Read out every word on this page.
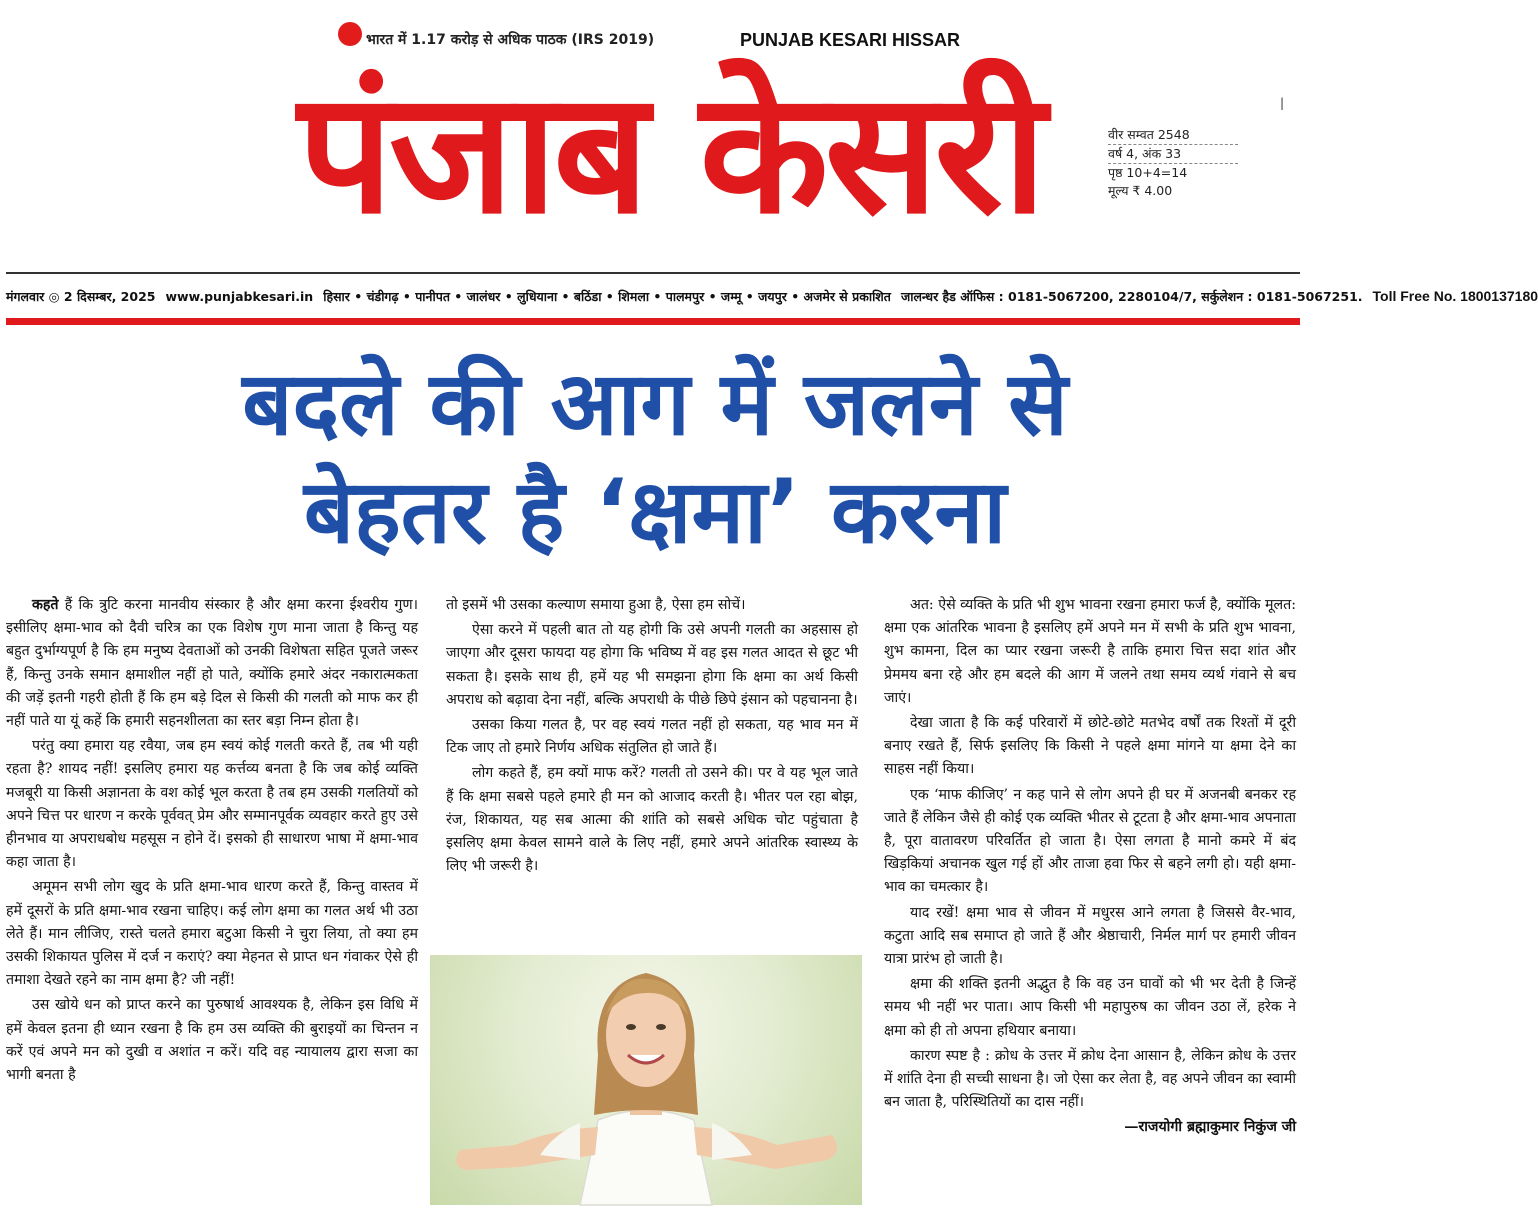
भारत में 1.17 करोड़ से अधिक पाठक (IRS 2019)	PUNJAB KESARI HISSAR
पंजाब केसरी	|
वीर सम्वत 2548
वर्ष 4, अंक 33
पृष्ठ 10+4=14
मूल्य ₹ 4.00
मंगलवार ◎ 2 दिसम्बर, 2025 www.punjabkesari.in हिसार • चंडीगढ़ • पानीपत • जालंधर • लुधियाना • बठिंडा • शिमला • पालमपुर • जम्मू • जयपुर • अजमेर से प्रकाशित जालन्धर हैड ऑफिस : 0181-5067200, 2280104/7, सर्कुलेशन : 0181-5067251. Toll Free No. 1800137180
बदले की आग में जलने से
बेहतर है ‘क्षमा’ करना

कहते हैं कि त्रुटि करना मानवीय संस्कार है और क्षमा करना ईश्वरीय गुण। इसीलिए क्षमा-भाव को दैवी चरित्र का एक विशेष गुण माना जाता है किन्तु यह बहुत दुर्भाग्यपूर्ण है कि हम मनुष्य देवताओं को उनकी विशेषता सहित पूजते जरूर हैं, किन्तु उनके समान क्षमाशील नहीं हो पाते, क्योंकि हमारे अंदर नकारात्मकता की जड़ें इतनी गहरी होती हैं कि हम बड़े दिल से किसी की गलती को माफ कर ही नहीं पाते या यूं कहें कि हमारी सहनशीलता का स्तर बड़ा निम्न होता है।

परंतु क्या हमारा यह रवैया, जब हम स्वयं कोई गलती करते हैं, तब भी यही रहता है? शायद नहीं! इसलिए हमारा यह कर्त्तव्य बनता है कि जब कोई व्यक्ति मजबूरी या किसी अज्ञानता के वश कोई भूल करता है तब हम उसकी गलतियों को अपने चित्त पर धारण न करके पूर्ववत् प्रेम और सम्मानपूर्वक व्यवहार करते हुए उसे हीनभाव या अपराधबोध महसूस न होने दें। इसको ही साधारण भाषा में क्षमा-भाव कहा जाता है।

अमूमन सभी लोग खुद के प्रति क्षमा-भाव धारण करते हैं, किन्तु वास्तव में हमें दूसरों के प्रति क्षमा-भाव रखना चाहिए। कई लोग क्षमा का गलत अर्थ भी उठा लेते हैं। मान लीजिए, रास्ते चलते हमारा बटुआ किसी ने चुरा लिया, तो क्या हम उसकी शिकायत पुलिस में दर्ज न कराएं? क्या मेहनत से प्राप्त धन गंवाकर ऐसे ही तमाशा देखते रहने का नाम क्षमा है? जी नहीं!

उस खोये धन को प्राप्त करने का पुरुषार्थ आवश्यक है, लेकिन इस विधि में हमें केवल इतना ही ध्यान रखना है कि हम उस व्यक्ति की बुराइयों का चिन्तन न करें एवं अपने मन को दुखी व अशांत न करें। यदि वह न्यायालय द्वारा सजा का भागी बनता है

तो इसमें भी उसका कल्याण समाया हुआ है, ऐसा हम सोचें।

ऐसा करने में पहली बात तो यह होगी कि उसे अपनी गलती का अहसास हो जाएगा और दूसरा फायदा यह होगा कि भविष्य में वह इस गलत आदत से छूट भी सकता है। इसके साथ ही, हमें यह भी समझना होगा कि क्षमा का अर्थ किसी अपराध को बढ़ावा देना नहीं, बल्कि अपराधी के पीछे छिपे इंसान को पहचानना है।

उसका किया गलत है, पर वह स्वयं गलत नहीं हो सकता, यह भाव मन में टिक जाए तो हमारे निर्णय अधिक संतुलित हो जाते हैं।

लोग कहते हैं, हम क्यों माफ करें? गलती तो उसने की। पर वे यह भूल जाते हैं कि क्षमा सबसे पहले हमारे ही मन को आजाद करती है। भीतर पल रहा बोझ, रंज, शिकायत, यह सब आत्मा की शांति को सबसे अधिक चोट पहुंचाता है इसलिए क्षमा केवल सामने वाले के लिए नहीं, हमारे अपने आंतरिक स्वास्थ्य के लिए भी जरूरी है।

अत: ऐसे व्यक्ति के प्रति भी शुभ भावना रखना हमारा फर्ज है, क्योंकि मूलत: क्षमा एक आंतरिक भावना है इसलिए हमें अपने मन में सभी के प्रति शुभ भावना, शुभ कामना, दिल का प्यार रखना जरूरी है ताकि हमारा चित्त सदा शांत और प्रेममय बना रहे और हम बदले की आग में जलने तथा समय व्यर्थ गंवाने से बच जाएं।

देखा जाता है कि कई परिवारों में छोटे-छोटे मतभेद वर्षों तक रिश्तों में दूरी बनाए रखते हैं, सिर्फ इसलिए कि किसी ने पहले क्षमा मांगने या क्षमा देने का साहस नहीं किया।

एक ‘माफ कीजिए’ न कह पाने से लोग अपने ही घर में अजनबी बनकर रह जाते हैं लेकिन जैसे ही कोई एक व्यक्ति भीतर से टूटता है और क्षमा-भाव अपनाता है, पूरा वातावरण परिवर्तित हो जाता है। ऐसा लगता है मानो कमरे में बंद खिड़कियां अचानक खुल गई हों और ताजा हवा फिर से बहने लगी हो। यही क्षमा-भाव का चमत्कार है।

याद रखें! क्षमा भाव से जीवन में मधुरस आने लगता है जिससे वैर-भाव, कटुता आदि सब समाप्त हो जाते हैं और श्रेष्ठाचारी, निर्मल मार्ग पर हमारी जीवन यात्रा प्रारंभ हो जाती है।

क्षमा की शक्ति इतनी अद्भुत है कि वह उन घावों को भी भर देती है जिन्हें समय भी नहीं भर पाता। आप किसी भी महापुरुष का जीवन उठा लें, हरेक ने क्षमा को ही तो अपना हथियार बनाया।

कारण स्पष्ट है : क्रोध के उत्तर में क्रोध देना आसान है, लेकिन क्रोध के उत्तर में शांति देना ही सच्ची साधना है। जो ऐसा कर लेता है, वह अपने जीवन का स्वामी बन जाता है, परिस्थितियों का दास नहीं।

—राजयोगी ब्रह्माकुमार निकुंज जी
